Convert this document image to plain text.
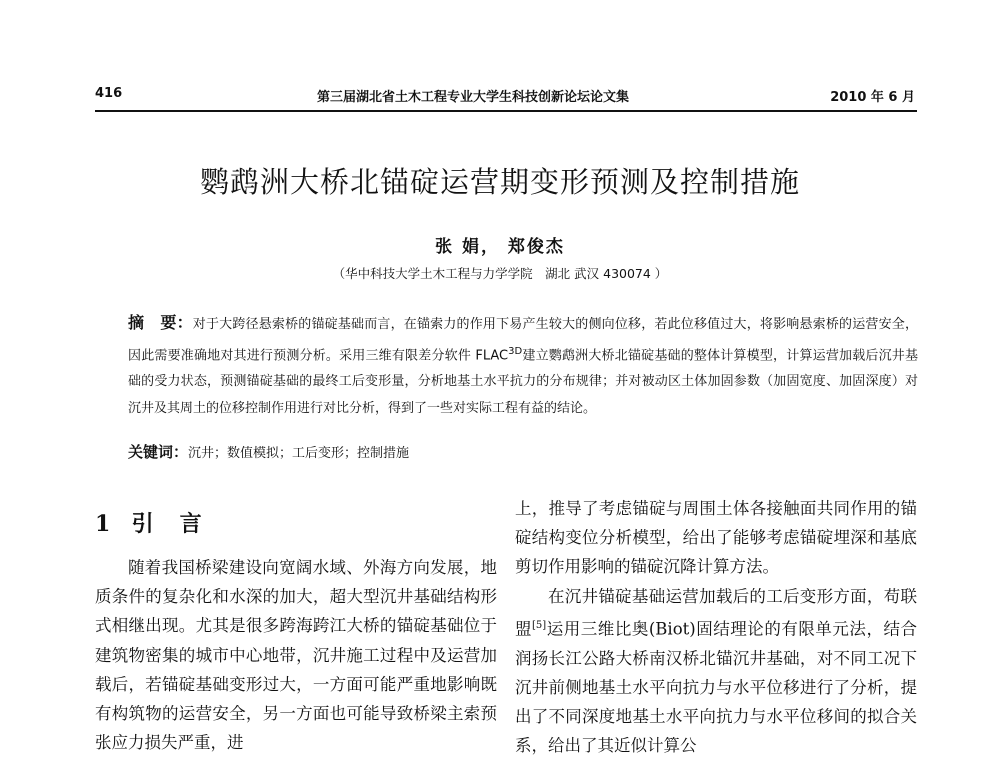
416	第三届湖北省土木工程专业大学生科技创新论坛论文集	2010 年 6 月
鹦鹉洲大桥北锚碇运营期变形预测及控制措施
张 娟， 郑俊杰
（华中科技大学土木工程与力学学院　湖北 武汉 430074 ）
摘　要：对于大跨径悬索桥的锚碇基础而言，在锚索力的作用下易产生较大的侧向位移，若此位移值过大，将影响悬索桥的运营安全，因此需要准确地对其进行预测分析。采用三维有限差分软件 $FLAC^{3D}$建立鹦鹉洲大桥北锚碇基础的整体计算模型，计算运营加载后沉井基础的受力状态，预测锚碇基础的最终工后变形量，分析地基土水平抗力的分布规律；并对被动区土体加固参数（加固宽度、加固深度）对沉井及其周土的位移控制作用进行对比分析，得到了一些对实际工程有益的结论。
关键词：沉井；数值模拟；工后变形；控制措施
1 引　言

随着我国桥梁建设向宽阔水域、外海方向发展，地质条件的复杂化和水深的加大，超大型沉井基础结构形式相继出现。尤其是很多跨海跨江大桥的锚碇基础位于建筑物密集的城市中心地带，沉井施工过程中及运营加载后，若锚碇基础变形过大，一方面可能严重地影响既有构筑物的运营安全，另一方面也可能导致桥梁主索预张应力损失严重，进

上，推导了考虑锚碇与周围土体各接触面共同作用的锚碇结构变位分析模型，给出了能够考虑锚碇埋深和基底剪切作用影响的锚碇沉降计算方法。

在沉井锚碇基础运营加载后的工后变形方面，苟联盟[5]运用三维比奥(Biot)固结理论的有限单元法，结合润扬长江公路大桥南汉桥北锚沉井基础，对不同工况下沉井前侧地基土水平向抗力与水平位移进行了分析，提出了不同深度地基土水平向抗力与水平位移间的拟合关系，给出了其近似计算公
